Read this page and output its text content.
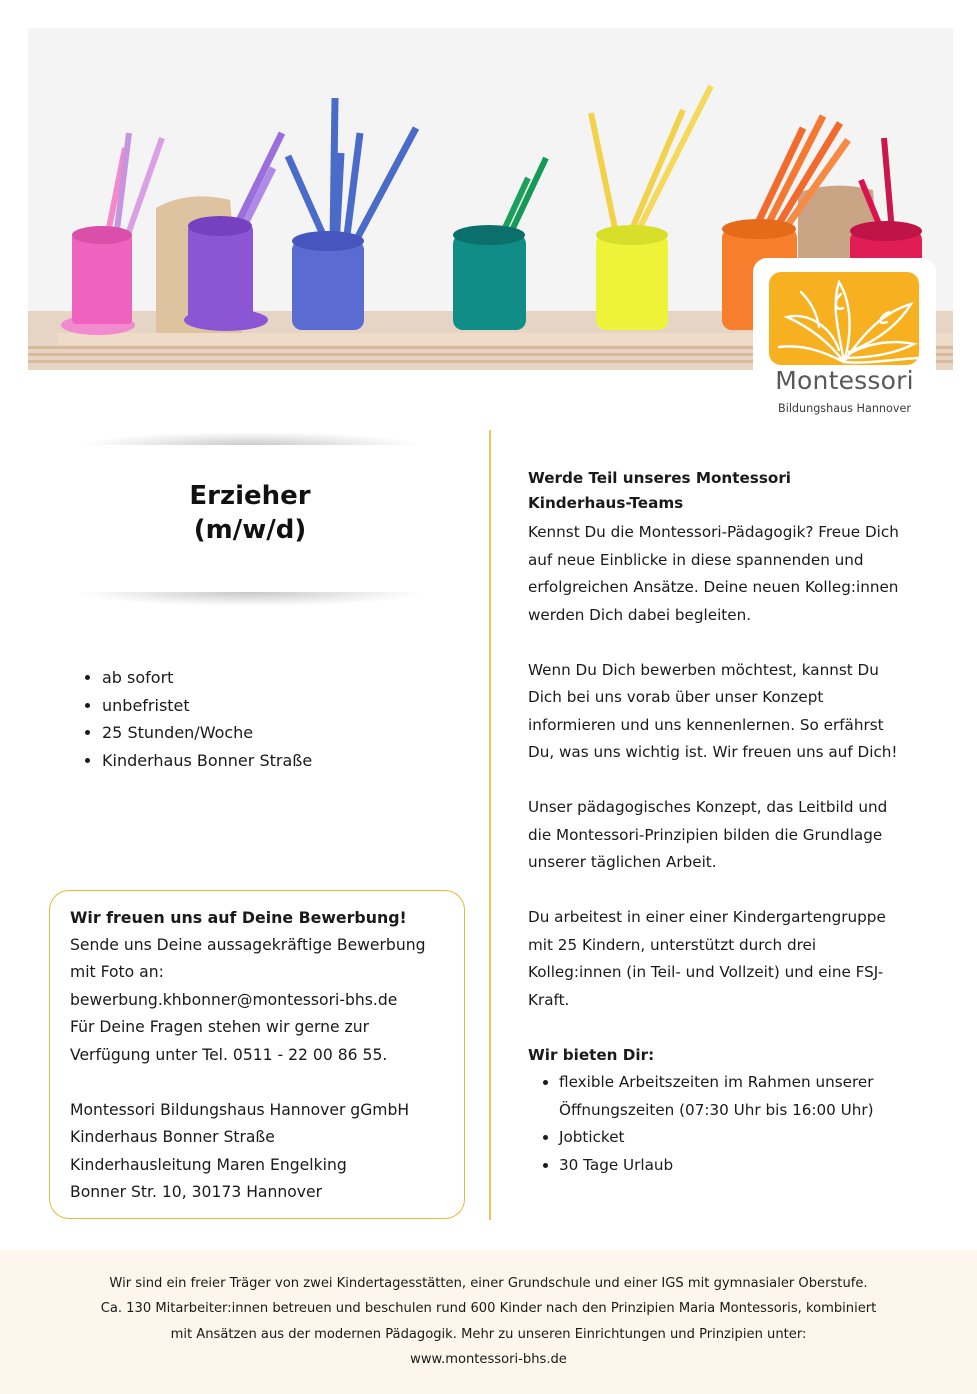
Montessori
Bildungshaus Hannover
Erzieher
(m/w/d)
• ab sofort
• unbefristet
• 25 Stunden/Woche
• Kinderhaus Bonner Straße
Wir freuen uns auf Deine Bewerbung!
Sende uns Deine aussagekräftige Bewerbung
mit Foto an:
bewerbung.khbonner@montessori-bhs.de
Für Deine Fragen stehen wir gerne zur
Verfügung unter Tel. 0511 - 22 00 86 55.
Montessori Bildungshaus Hannover gGmbH
Kinderhaus Bonner Straße
Kinderhausleitung Maren Engelking
Bonner Str. 10, 30173 Hannover
Werde Teil unseres Montessori
Kinderhaus-Teams

Kennst Du die Montessori-Pädagogik? Freue Dich
auf neue Einblicke in diese spannenden und
erfolgreichen Ansätze. Deine neuen Kolleg:innen
werden Dich dabei begleiten.

Wenn Du Dich bewerben möchtest, kannst Du
Dich bei uns vorab über unser Konzept
informieren und uns kennenlernen. So erfährst
Du, was uns wichtig ist. Wir freuen uns auf Dich!

Unser pädagogisches Konzept, das Leitbild und
die Montessori-Prinzipien bilden die Grundlage
unserer täglichen Arbeit.

Du arbeitest in einer einer Kindergartengruppe
mit 25 Kindern, unterstützt durch drei
Kolleg:innen (in Teil- und Vollzeit) und eine FSJ-
Kraft.

Wir bieten Dir:
• flexible Arbeitszeiten im Rahmen unserer
Öffnungszeiten (07:30 Uhr bis 16:00 Uhr)
• Jobticket
• 30 Tage Urlaub
Wir sind ein freier Träger von zwei Kindertagesstätten, einer Grundschule und einer IGS mit gymnasialer Oberstufe.
Ca. 130 Mitarbeiter:innen betreuen und beschulen rund 600 Kinder nach den Prinzipien Maria Montessoris, kombiniert
mit Ansätzen aus der modernen Pädagogik. Mehr zu unseren Einrichtungen und Prinzipien unter:
www.montessori-bhs.de
